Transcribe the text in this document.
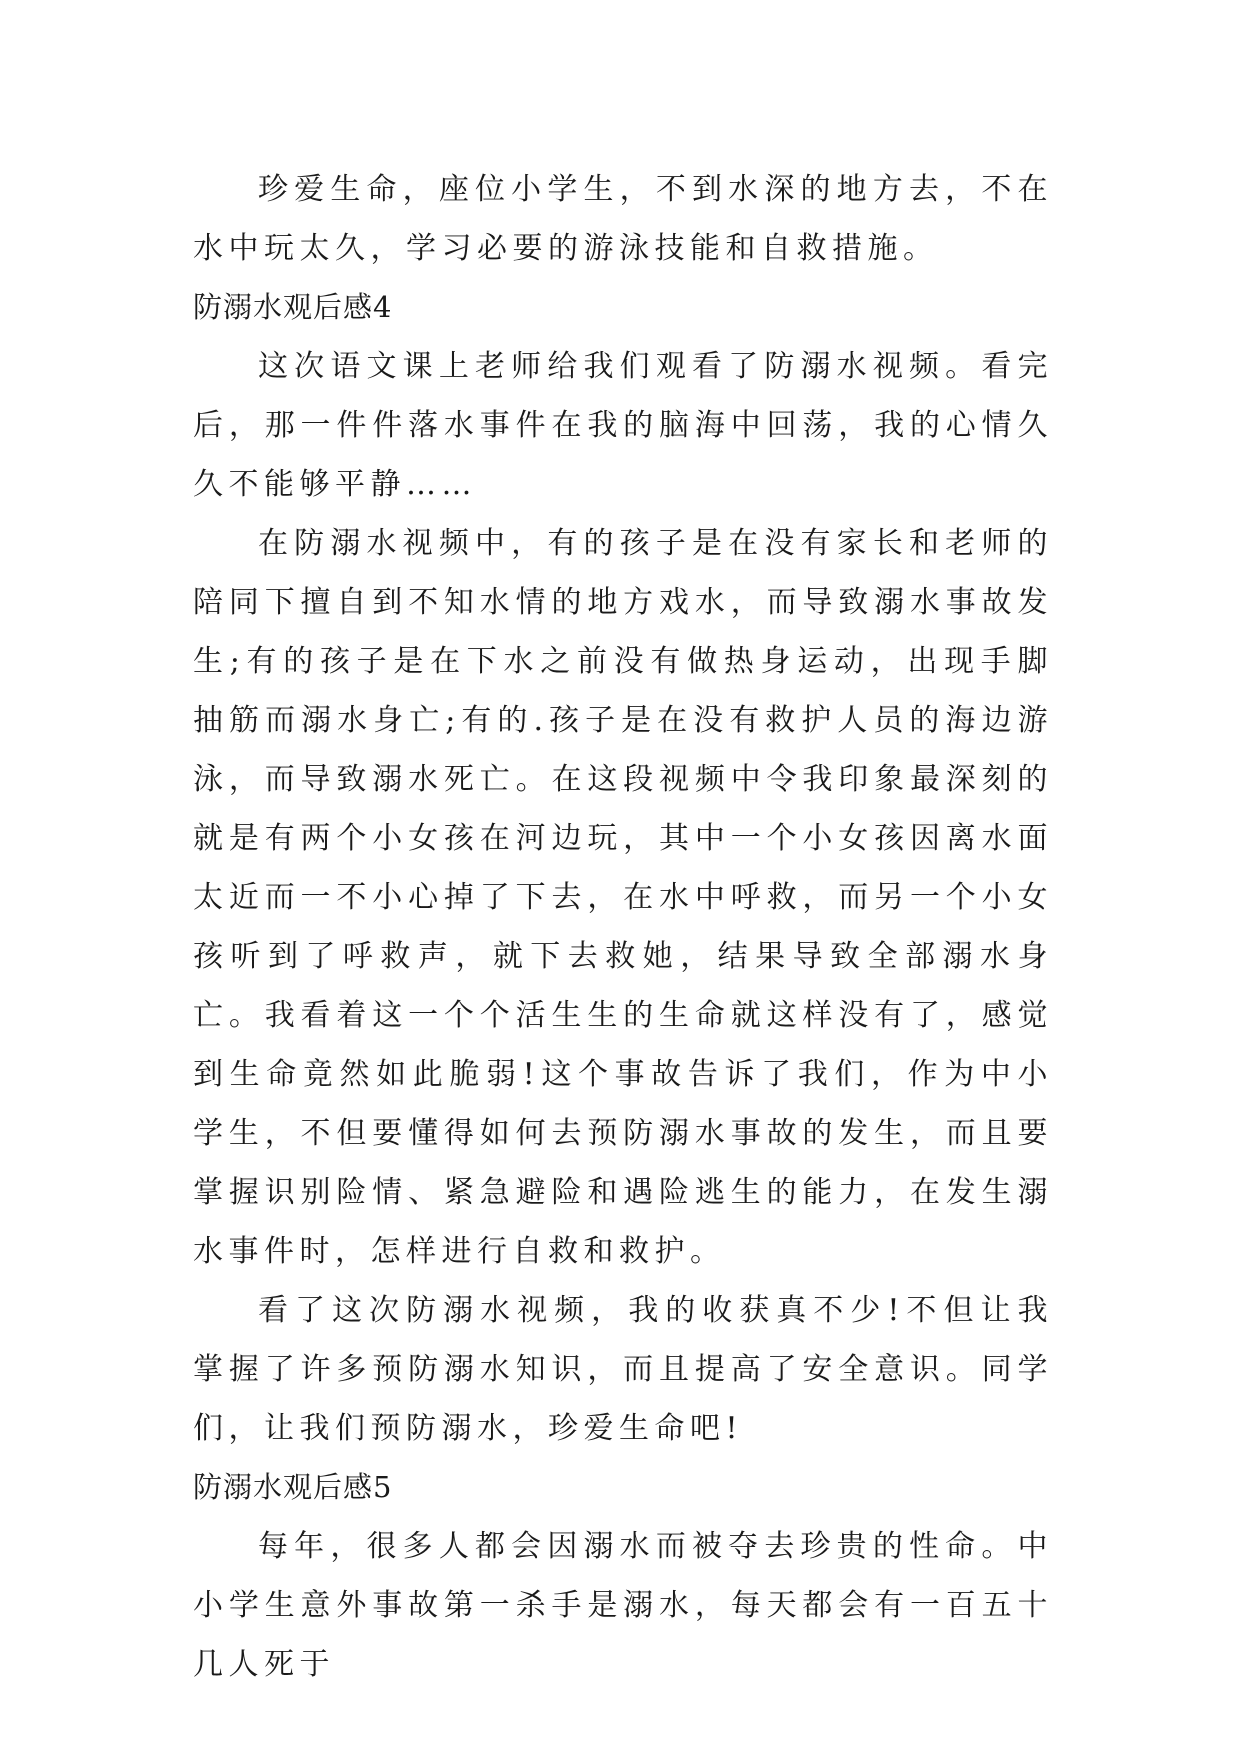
珍爱生命，座位小学生，不到水深的地方去，不在水中玩太久，学习必要的游泳技能和自救措施。

防溺水观后感4

这次语文课上老师给我们观看了防溺水视频。看完后，那一件件落水事件在我的脑海中回荡，我的心情久久不能够平静……

在防溺水视频中，有的孩子是在没有家长和老师的陪同下擅自到不知水情的地方戏水，而导致溺水事故发生;有的孩子是在下水之前没有做热身运动，出现手脚抽筋而溺水身亡;有的.孩子是在没有救护人员的海边游泳，而导致溺水死亡。在这段视频中令我印象最深刻的就是有两个小女孩在河边玩，其中一个小女孩因离水面太近而一不小心掉了下去，在水中呼救，而另一个小女孩听到了呼救声，就下去救她，结果导致全部溺水身亡。我看着这一个个活生生的生命就这样没有了，感觉到生命竟然如此脆弱!这个事故告诉了我们，作为中小学生，不但要懂得如何去预防溺水事故的发生，而且要掌握识别险情、紧急避险和遇险逃生的能力，在发生溺水事件时，怎样进行自救和救护。

看了这次防溺水视频，我的收获真不少!不但让我掌握了许多预防溺水知识，而且提高了安全意识。同学们，让我们预防溺水，珍爱生命吧!

防溺水观后感5

每年，很多人都会因溺水而被夺去珍贵的性命。中小学生意外事故第一杀手是溺水，每天都会有一百五十几人死于
